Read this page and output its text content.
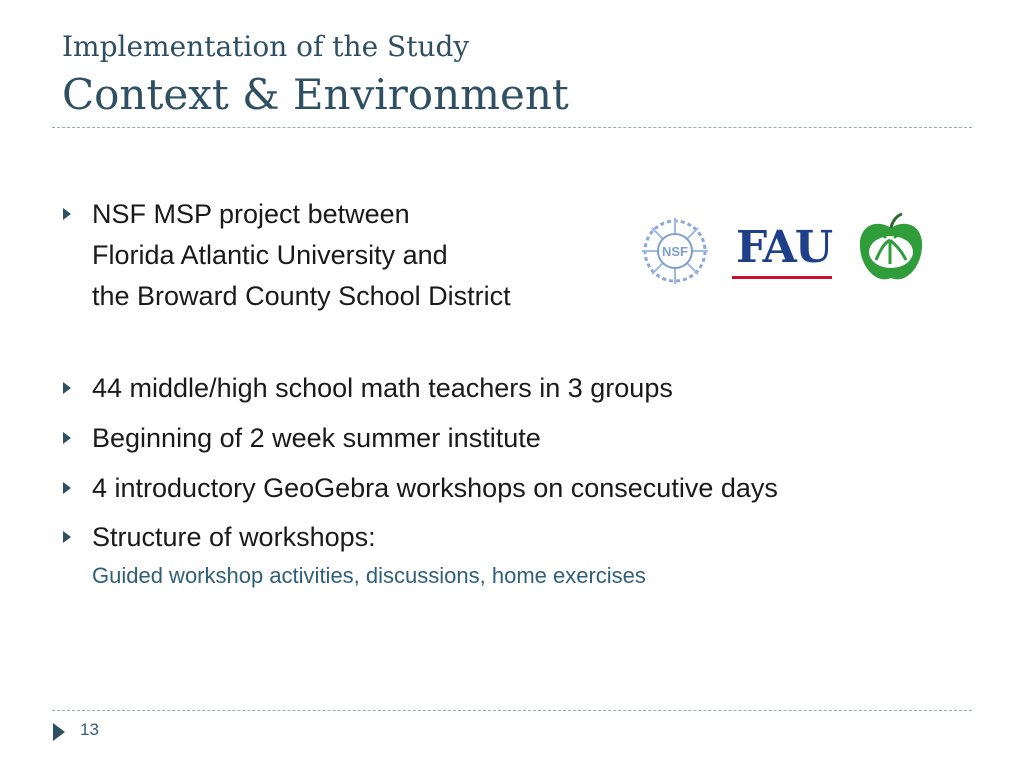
Implementation of the Study
Context & Environment
NSF MSP project between
Florida Atlantic University and
the Broward County School District
NSF FAU
44 middle/high school math teachers in 3 groups
Beginning of 2 week summer institute
4 introductory GeoGebra workshops on consecutive days
Structure of workshops:
Guided workshop activities, discussions, home exercises
13
